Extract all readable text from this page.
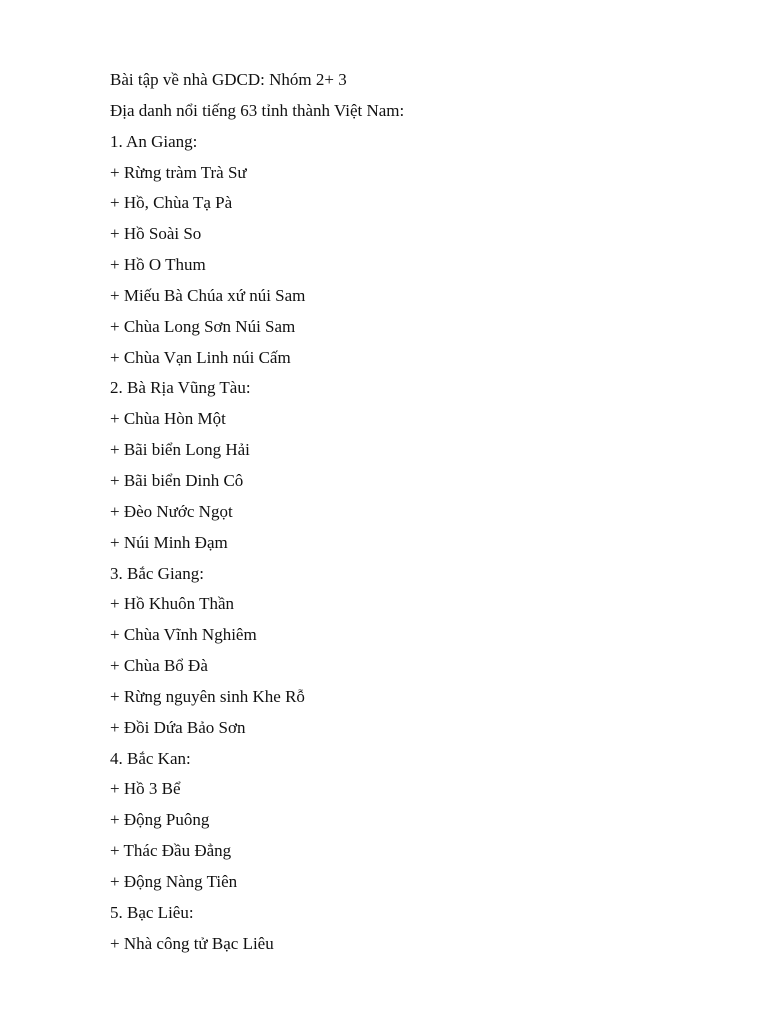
Bài tập về nhà GDCD: Nhóm 2+ 3
Địa danh nổi tiếng 63 tỉnh thành Việt Nam:
1. An Giang:
+ Rừng tràm Trà Sư
+ Hồ, Chùa Tạ Pà
+ Hồ Soài So
+ Hồ O Thum
+ Miếu Bà Chúa xứ núi Sam
+ Chùa Long Sơn Núi Sam
+ Chùa Vạn Linh núi Cấm
2. Bà Rịa Vũng Tàu:
+ Chùa Hòn Một
+ Bãi biển Long Hải
+ Bãi biển Dinh Cô
+ Đèo Nước Ngọt
+ Núi Minh Đạm
3. Bắc Giang:
+ Hồ Khuôn Thần
+ Chùa Vĩnh Nghiêm
+ Chùa Bổ Đà
+ Rừng nguyên sinh Khe Rỗ
+ Đồi Dứa Bảo Sơn
4. Bắc Kan:
+ Hồ 3 Bể
+ Động Puông
+ Thác Đầu Đẳng
+ Động Nàng Tiên
5. Bạc Liêu:
+ Nhà công tử Bạc Liêu
